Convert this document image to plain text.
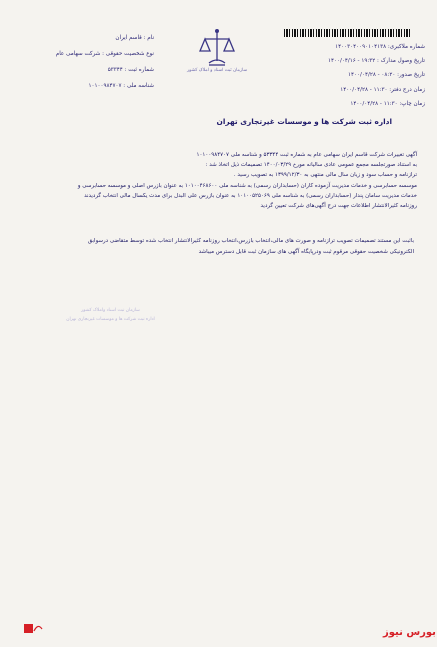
شماره ملاکبری: ۱۴۰۰۳۰۴۰۰۹۰۱۰۴۱۳۸
تاریخ وصول مدارک : ۱۹:۳۲ - ۱۴۰۰/۰۴/۱۶
تاریخ صدور: ۰۸:۲۰ - ۱۴۰۰/۰۴/۲۸
زمان درج دفتر: ۱۱:۳۰ - ۱۴۰۰/۰۴/۲۸
زمان چاپ: ۱۱:۳۰ - ۱۴۰۰/۰۴/۲۸
سازمان ثبت اسناد و املاک کشور
نام : قاسم ایران
نوع شخصیت حقوقی : شرکت سهامی عام
شماره ثبت : ۵۳۳۴۴
شناسه ملی : ۱۰۱۰۰۹۸۴۷۰۷
اداره ثبت شرکت ها و موسسات غیرتجاری تهران

آگهی تغییرات شرکت قاسم ایران سهامی عام به شماره ثبت ۵۳۳۴۴ و شناسه ملی ۱۰۱۰۰۹۸۴۷۰۷

به استناد صورتجلسه مجمع عمومی عادی سالیانه مورخ ۱۴۰۰/۰۳/۲۹ تصمیمات ذیل اتخاذ شد :

ترازنامه و حساب سود و زیان سال مالی منتهی به ۱۳۹۹/۱۲/۳۰ به تصویب رسید .

موسسه حسابرسی و خدمات مدیریت آزموده کاران (حسابداران رسمی) به شناسه ملی ۱۰۱۰۰۴۶۸۶۰۰ به عنوان بازرس اصلی و موسسه حسابرسی و

خدمات مدیریت سامان پندار (حسابداران رسمی) به شناسه ملی ۱۰۱۰۰۵۲۵۰۶۹ به عنوان بازرس علی البدل برای مدت یکسال مالی انتخاب گردیدند

روزنامه کثیرالانتشار اطلاعات جهت درج آگهی‌های شرکت تعیین گردید

باثبت این مستند تصمیمات تصویب ترازنامه و صورت های مالی،انتخاب بازرس،انتخاب روزنامه کثیرالانتشار انتخاب شده توسط متقاضی درسوابق

الکترونیکی شخصیت حقوقی مرقوم ثبت ودرپایگاه آگهی های سازمان ثبت قابل دسترس میباشد

سازمان ثبت اسناد واملاک کشور
اداره ثبت شرکت ها و موسسات غیرتجاری تهران
بورس نیوز
